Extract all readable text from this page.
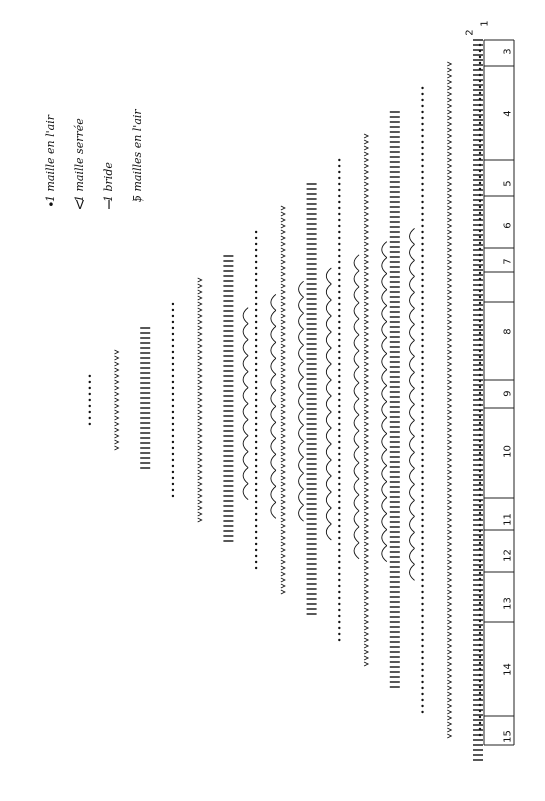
•
1 maille en l'air
V
1 maille serrée
I
1 bride
⌒
5 mailles en l'air
2
1
3
4
5
6
7
8
9
10
11
12
13
14
15
